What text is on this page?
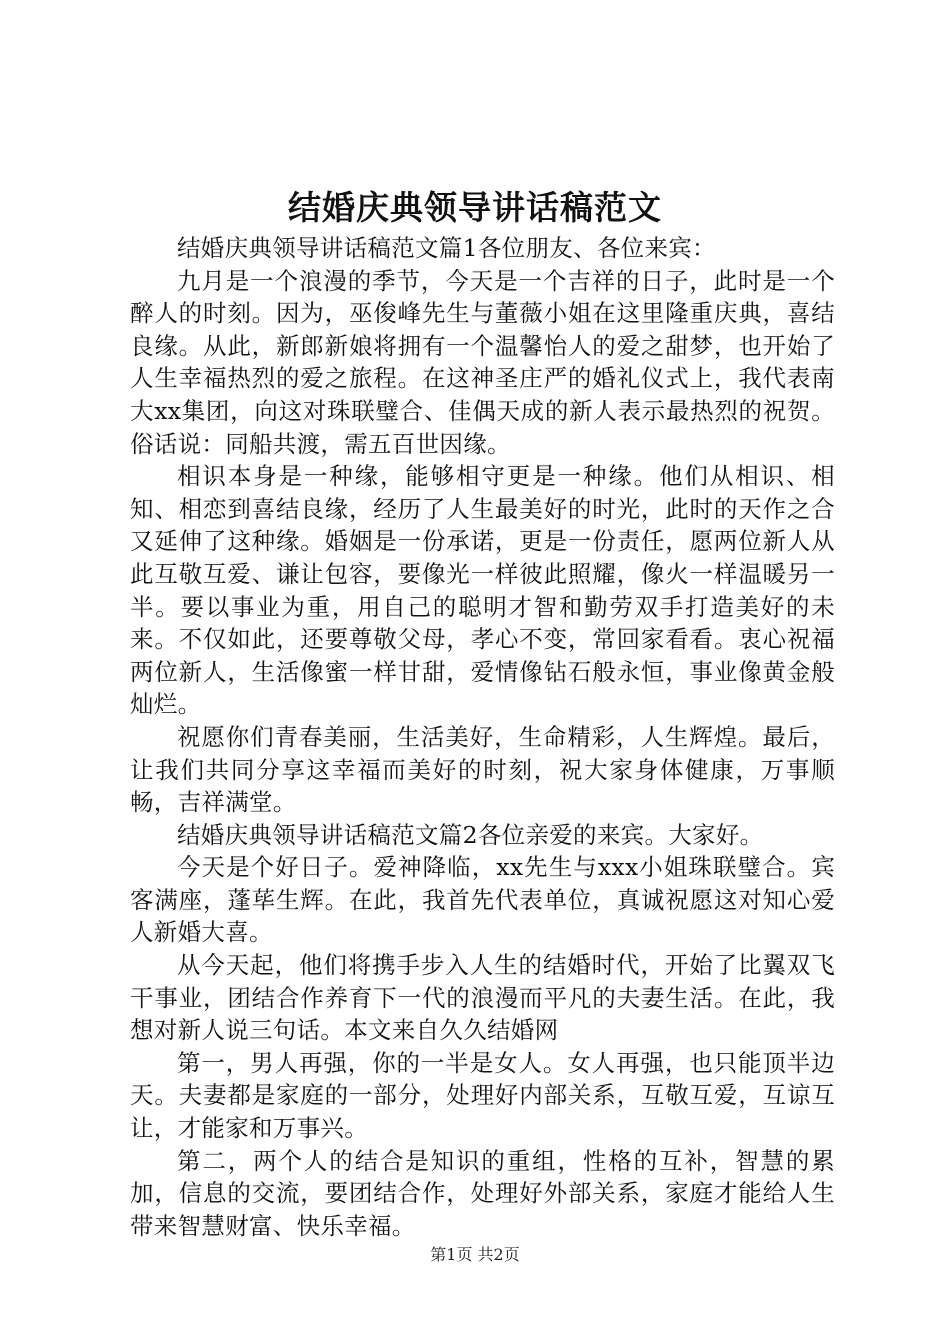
结婚庆典领导讲话稿范文

结婚庆典领导讲话稿范文篇1各位朋友、各位来宾：

九月是一个浪漫的季节，今天是一个吉祥的日子，此时是一个醉人的时刻。因为，巫俊峰先生与董薇小姐在这里隆重庆典，喜结良缘。从此，新郎新娘将拥有一个温馨怡人的爱之甜梦，也开始了人生幸福热烈的爱之旅程。在这神圣庄严的婚礼仪式上，我代表南大xx集团，向这对珠联璧合、佳偶天成的新人表示最热烈的祝贺。俗话说：同船共渡，需五百世因缘。

相识本身是一种缘，能够相守更是一种缘。他们从相识、相知、相恋到喜结良缘，经历了人生最美好的时光，此时的天作之合又延伸了这种缘。婚姻是一份承诺，更是一份责任，愿两位新人从此互敬互爱、谦让包容，要像光一样彼此照耀，像火一样温暖另一半。要以事业为重，用自己的聪明才智和勤劳双手打造美好的未来。不仅如此，还要尊敬父母，孝心不变，常回家看看。衷心祝福两位新人，生活像蜜一样甘甜，爱情像钻石般永恒，事业像黄金般灿烂。

祝愿你们青春美丽，生活美好，生命精彩，人生辉煌。最后，让我们共同分享这幸福而美好的时刻，祝大家身体健康，万事顺畅，吉祥满堂。

结婚庆典领导讲话稿范文篇2各位亲爱的来宾。大家好。

今天是个好日子。爱神降临，xx先生与xxx小姐珠联璧合。宾客满座，蓬荜生辉。在此，我首先代表单位，真诚祝愿这对知心爱人新婚大喜。

从今天起，他们将携手步入人生的结婚时代，开始了比翼双飞干事业，团结合作养育下一代的浪漫而平凡的夫妻生活。在此，我想对新人说三句话。本文来自久久结婚网

第一，男人再强，你的一半是女人。女人再强，也只能顶半边天。夫妻都是家庭的一部分，处理好内部关系，互敬互爱，互谅互让，才能家和万事兴。

第二，两个人的结合是知识的重组，性格的互补，智慧的累加，信息的交流，要团结合作，处理好外部关系，家庭才能给人生带来智慧财富、快乐幸福。

第1页 共2页
